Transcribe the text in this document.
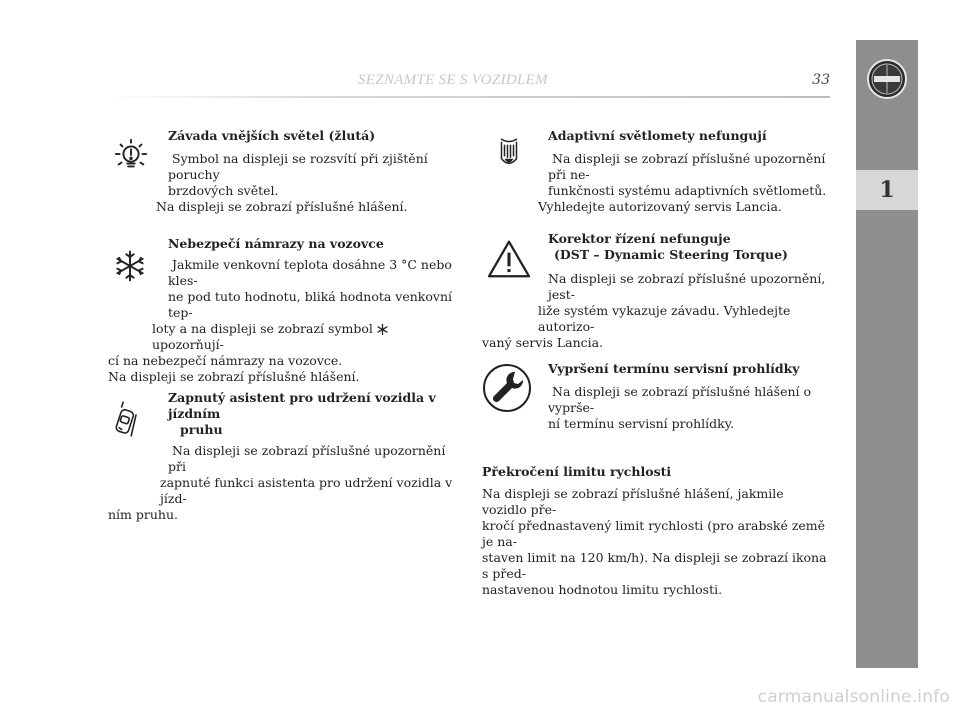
SEZNAMTE SE S VOZIDLEM	33
1
Závada vnějších světel (žlutá)

Symbol na displeji se rozsvítí při zjištění poruchy

brzdových světel.

Na displeji se zobrazí příslušné hlášení.

Nebezpečí námrazy na vozovce

Jakmile venkovní teplota dosáhne 3 °C nebo kles-

ne pod tuto hodnotu, bliká hodnota venkovní tep-

loty a na displeji se zobrazí symbol  upozorňují-

cí na nebezpečí námrazy na vozovce.

Na displeji se zobrazí příslušné hlášení.

Zapnutý asistent pro udržení vozidla v jízdním
pruhu

Na displeji se zobrazí příslušné upozornění při

zapnuté funkci asistenta pro udržení vozidla v jízd-

ním pruhu.

Adaptivní světlomety nefungují

Na displeji se zobrazí příslušné upozornění při ne-

funkčnosti systému adaptivních světlometů.

Vyhledejte autorizovaný servis Lancia.

Korektor řízení nefunguje
(DST – Dynamic Steering Torque)

Na displeji se zobrazí příslušné upozornění, jest-

liže systém vykazuje závadu. Vyhledejte autorizo-

vaný servis Lancia.

Vypršení termínu servisní prohlídky

Na displeji se zobrazí příslušné hlášení o vyprše-

ní termínu servisní prohlídky.

Překročení limitu rychlosti

Na displeji se zobrazí příslušné hlášení, jakmile vozidlo pře-

kročí přednastavený limit rychlosti (pro arabské země je na-

staven limit na 120 km/h). Na displeji se zobrazí ikona s před-

nastavenou hodnotou limitu rychlosti.

carmanualsonline.info
